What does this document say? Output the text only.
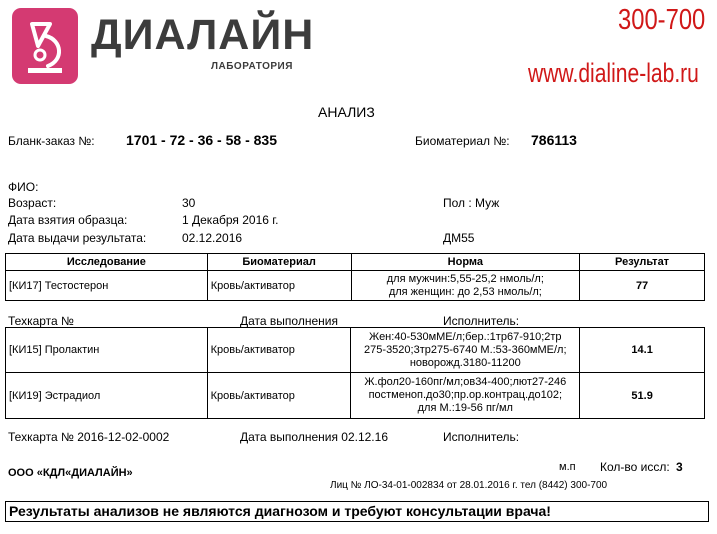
ДИАЛАЙН
ЛАБОРАТОРИЯ
300-700
www.dialine-lab.ru
АНАЛИЗ
Бланк-заказ №: 1701 - 72 - 36 - 58 - 835	Биоматериал №: 786113
ФИО:
Возраст:	30	Пол : Муж
Дата взятия образца:	1 Декабря 2016 г.
Дата выдачи результата:	02.12.2016	ДМ55
Исследование	Биоматериал	Норма	Результат
[КИ17] Тестостерон	Кровь/активатор	для мужчин:5,55-25,2 нмоль/л;
для женщин: до 2,53 нмоль/л;	77
Техкарта №	Дата выполнения	Исполнитель:
[КИ15] Пролактин	Кровь/активатор	Жен:40-530мМЕ/л;бер.:1тр67-910;2тр
275-3520;3тр275-6740 М.:53-360мМЕ/л;
новорожд.3180-11200	14.1
[КИ19] Эстрадиол	Кровь/активатор	Ж.фол20-160пг/мл;ов34-400;лют27-246
постменоп.до30;пр.ор.контрац.до102;
для М.:19-56 пг/мл	51.9
Техкарта № 2016-12-02-0002	Дата выполнения 02.12.16	Исполнитель:
ООО «КДЛ«ДИАЛАЙН»	м.п Кол-во иссл: 3
Лиц № ЛО-34-01-002834 от 28.01.2016 г. тел (8442) 300-700
Результаты анализов не являются диагнозом и требуют консультации врача!
